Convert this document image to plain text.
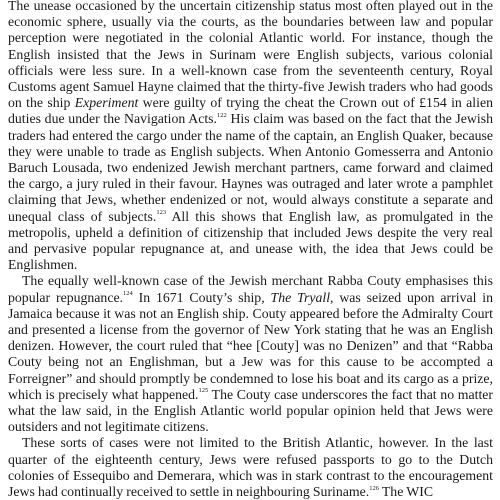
The unease occasioned by the uncertain citizenship status most often played out in the economic sphere, usually via the courts, as the boundaries between law and popular perception were negotiated in the colonial Atlantic world. For instance, though the English insisted that the Jews in Surinam were English subjects, various colonial officials were less sure. In a well-known case from the seventeenth century, Royal Customs agent Samuel Hayne claimed that the thirty-five Jewish traders who had goods on the ship Experiment were guilty of trying the cheat the Crown out of £154 in alien duties due under the Navigation Acts.$^{122}$ His claim was based on the fact that the Jewish traders had entered the cargo under the name of the captain, an English Quaker, because they were unable to trade as English subjects. When Antonio Gomesserra and Antonio Baruch Lousada, two endenized Jewish merchant partners, came forward and claimed the cargo, a jury ruled in their favour. Haynes was outraged and later wrote a pamphlet claiming that Jews, whether endenized or not, would always constitute a separate and unequal class of subjects.$^{123}$ All this shows that English law, as promulgated in the metropolis, upheld a definition of citizenship that included Jews despite the very real and pervasive popular repugnance at, and unease with, the idea that Jews could be Englishmen.

The equally well-known case of the Jewish merchant Rabba Couty emphasises this popular repugnance.$^{124}$ In 1671 Couty’s ship, The Tryall, was seized upon arrival in Jamaica because it was not an English ship. Couty appeared before the Admiralty Court and presented a license from the governor of New York stating that he was an English denizen. However, the court ruled that “hee [Couty] was no Denizen” and that “Rabba Couty being not an Englishman, but a Jew was for this cause to be accompted a Forreigner” and should promptly be condemned to lose his boat and its cargo as a prize, which is precisely what happened.$^{125}$ The Couty case underscores the fact that no matter what the law said, in the English Atlantic world popular opinion held that Jews were outsiders and not legitimate citizens.

These sorts of cases were not limited to the British Atlantic, however. In the last quarter of the eighteenth century, Jews were refused passports to go to the Dutch colonies of Essequibo and Demerara, which was in stark contrast to the encouragement Jews had continually received to settle in neighbouring Suriname.$^{126}$ The WIC
